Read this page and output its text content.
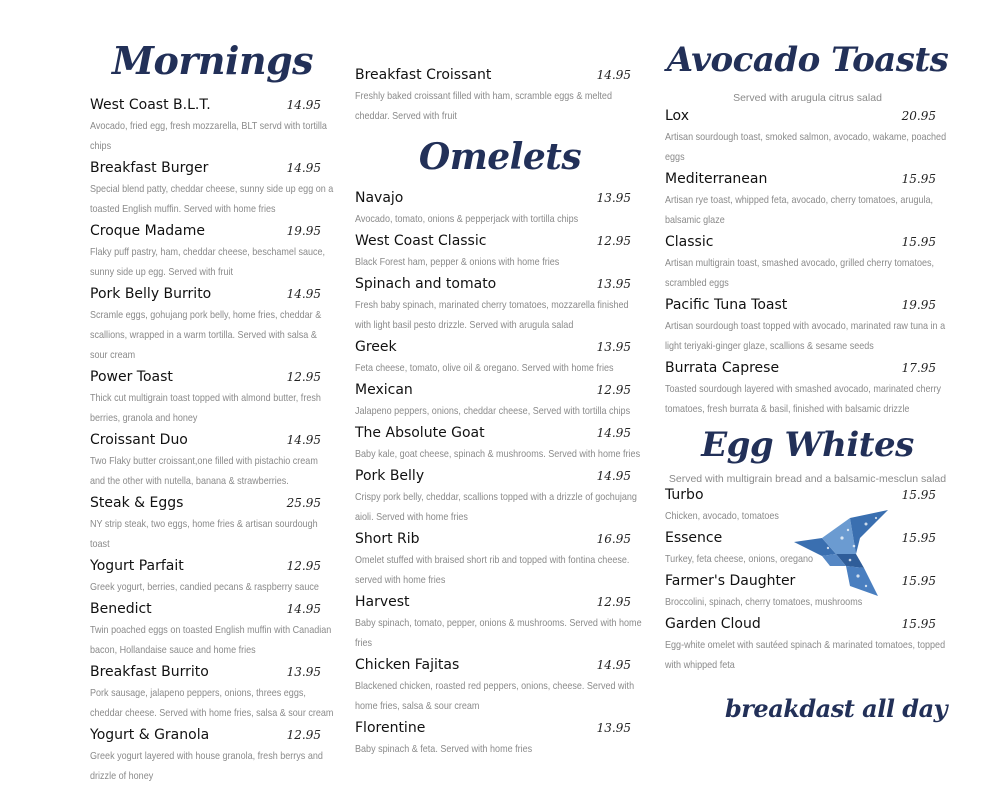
Mornings
West Coast B.L.T.	14.95
Avocado, fried egg, fresh mozzarella, BLT servd with tortilla chips
Breakfast Burger	14.95
Special blend patty, cheddar cheese, sunny side up egg on a toasted English muffin. Served with home fries
Croque Madame	19.95
Flaky puff pastry, ham, cheddar cheese, beschamel sauce, sunny side up egg. Served with fruit
Pork Belly Burrito	14.95
Scramle eggs, gohujang pork belly, home fries, cheddar & scallions, wrapped in a warm tortilla. Served with salsa & sour cream
Power Toast	12.95
Thick cut multigrain toast topped with almond butter, fresh berries, granola and honey
Croissant Duo	14.95
Two Flaky butter croissant,one filled with pistachio cream and the other with nutella, banana & strawberries.
Steak & Eggs	25.95
NY strip steak, two eggs, home fries & artisan sourdough toast
Yogurt Parfait	12.95
Greek yogurt, berries, candied pecans & raspberry sauce
Benedict	14.95
Twin poached eggs on toasted English muffin with Canadian bacon, Hollandaise sauce and home fries
Breakfast Burrito	13.95
Pork sausage, jalapeno peppers, onions, threes eggs, cheddar cheese. Served with home fries, salsa & sour cream
Yogurt & Granola	12.95
Greek yogurt layered with house granola, fresh berrys and drizzle of honey
Breakfast Croissant	14.95
Freshly baked croissant filled with ham, scramble eggs & melted cheddar. Served with fruit
Omelets
Navajo	13.95
Avocado, tomato, onions & pepperjack with tortilla chips
West Coast Classic	12.95
Black Forest ham, pepper & onions with home fries
Spinach and tomato	13.95
Fresh baby spinach, marinated cherry tomatoes, mozzarella finished with light basil pesto drizzle. Served with arugula salad
Greek	13.95
Feta cheese, tomato, olive oil & oregano. Served with home fries
Mexican	12.95
Jalapeno peppers, onions, cheddar cheese, Served with tortilla chips
The Absolute Goat	14.95
Baby kale, goat cheese, spinach & mushrooms. Served with home fries
Pork Belly	14.95
Crispy pork belly, cheddar, scallions topped with a drizzle of gochujang aioli. Served with home fries
Short Rib	16.95
Omelet stuffed with braised short rib and topped with fontina cheese. served with home fries
Harvest	12.95
Baby spinach, tomato, pepper, onions & mushrooms. Served with home fries
Chicken Fajitas	14.95
Blackened chicken, roasted red peppers, onions, cheese. Served with home fries, salsa & sour cream
Florentine	13.95
Baby spinach & feta. Served with home fries
Avocado Toasts
Served with arugula citrus salad
Lox	20.95
Artisan sourdough toast, smoked salmon, avocado, wakame, poached eggs
Mediterranean	15.95
Artisan rye toast, whipped feta, avocado, cherry tomatoes, arugula, balsamic glaze
Classic	15.95
Artisan multigrain toast, smashed avocado, grilled cherry tomatoes, scrambled eggs
Pacific Tuna Toast	19.95
Artisan sourdough toast topped with avocado, marinated raw tuna in a light teriyaki-ginger glaze, scallions & sesame seeds
Burrata Caprese	17.95
Toasted sourdough layered with smashed avocado, marinated cherry tomatoes, fresh burrata & basil, finished with balsamic drizzle
Egg Whites
Served with multigrain bread and a balsamic-mesclun salad
Turbo	15.95
Chicken, avocado, tomatoes
Essence	15.95
Turkey, feta cheese, onions, oregano
Farmer's Daughter	15.95
Broccolini, spinach, cherry tomatoes, mushrooms
Garden Cloud	15.95
Egg-white omelet with sautéed spinach & marinated tomatoes, topped with whipped feta

breakdast all day
